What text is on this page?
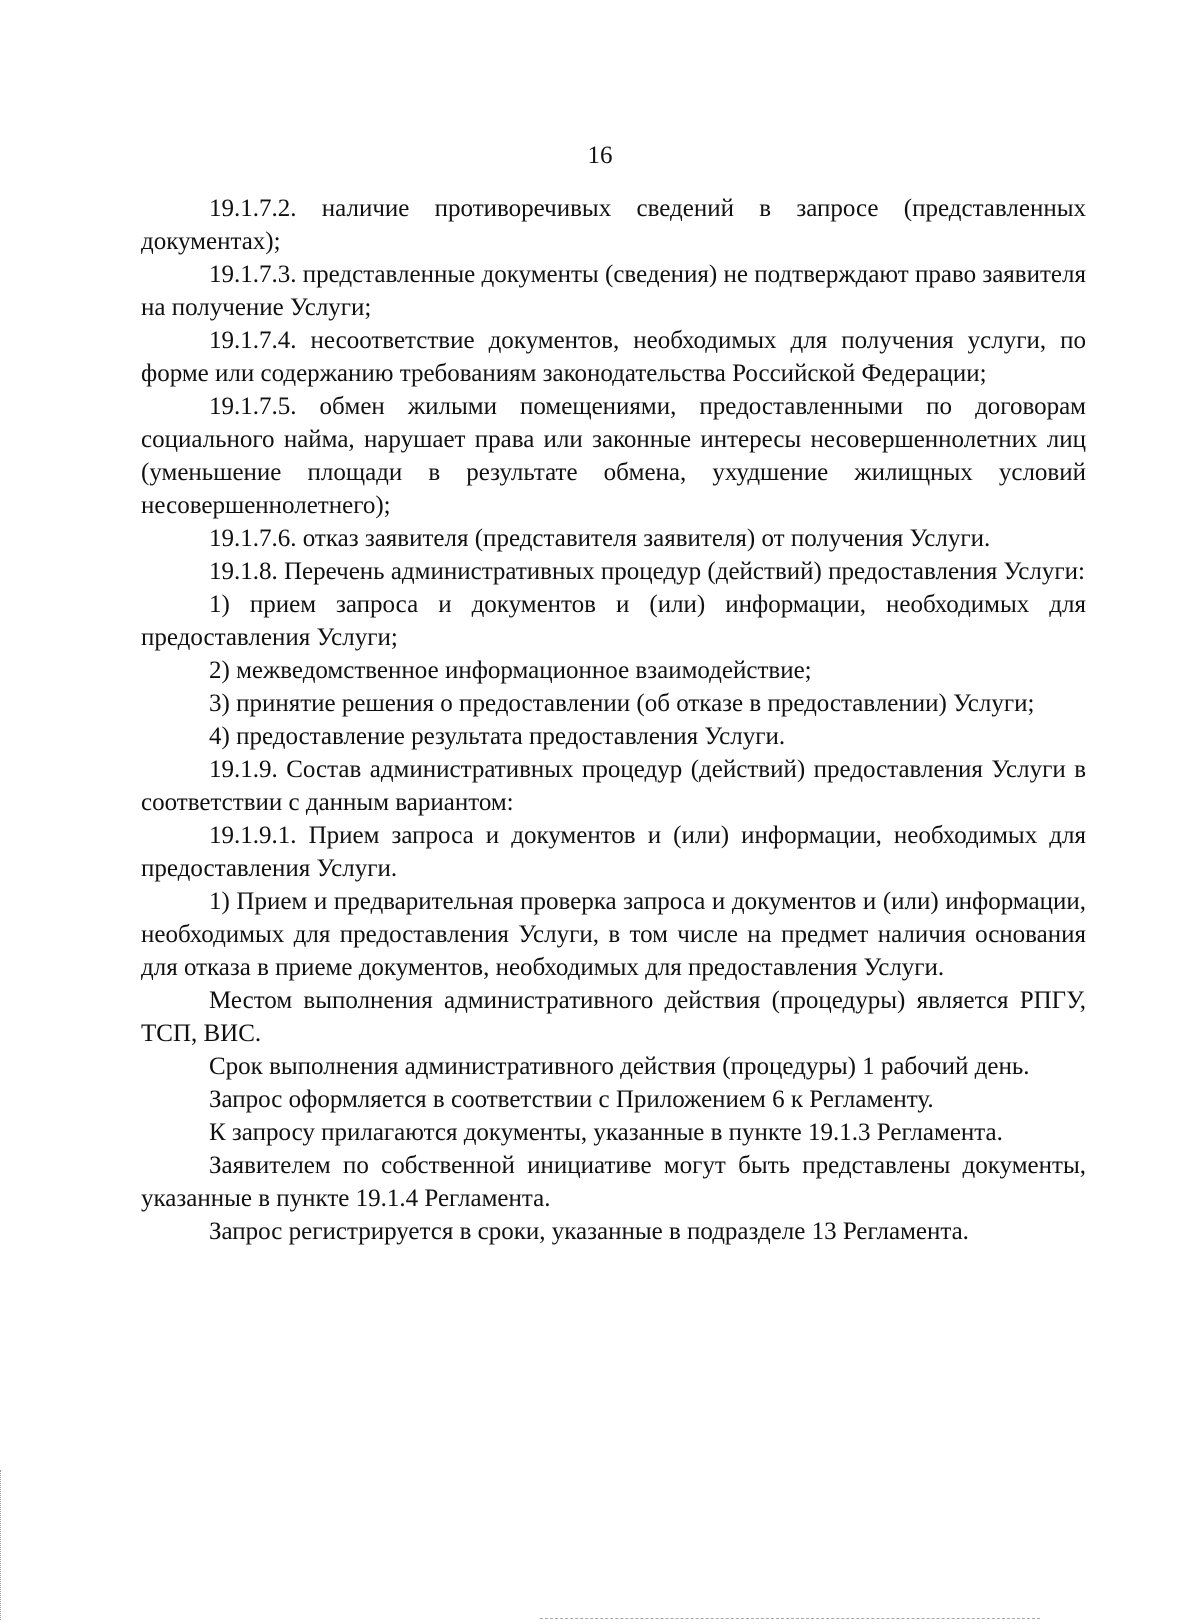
16

19.1.7.2. наличие противоречивых сведений в запросе (представленных документах);

19.1.7.3. представленные документы (сведения) не подтверждают право заявителя на получение Услуги;

19.1.7.4. несоответствие документов, необходимых для получения услуги, по форме или содержанию требованиям законодательства Российской Федерации;

19.1.7.5. обмен жилыми помещениями, предоставленными по договорам социального найма, нарушает права или законные интересы несовершеннолетних лиц (уменьшение площади в результате обмена, ухудшение жилищных условий несовершеннолетнего);

19.1.7.6. отказ заявителя (представителя заявителя) от получения Услуги.

19.1.8. Перечень административных процедур (действий) предоставления Услуги:

1) прием запроса и документов и (или) информации, необходимых для предоставления Услуги;

2) межведомственное информационное взаимодействие;

3) принятие решения о предоставлении (об отказе в предоставлении) Услуги;

4) предоставление результата предоставления Услуги.

19.1.9. Состав административных процедур (действий) предоставления Услуги в соответствии с данным вариантом:

19.1.9.1. Прием запроса и документов и (или) информации, необходимых для предоставления Услуги.

1) Прием и предварительная проверка запроса и документов и (или) информации, необходимых для предоставления Услуги, в том числе на предмет наличия основания для отказа в приеме документов, необходимых для предоставления Услуги.

Местом выполнения административного действия (процедуры) является РПГУ, ТСП, ВИС.

Срок выполнения административного действия (процедуры) 1 рабочий день.

Запрос оформляется в соответствии с Приложением 6 к Регламенту.

К запросу прилагаются документы, указанные в пункте 19.1.3 Регламента.

Заявителем по собственной инициативе могут быть представлены документы, указанные в пункте 19.1.4 Регламента.

Запрос регистрируется в сроки, указанные в подразделе 13 Регламента.
